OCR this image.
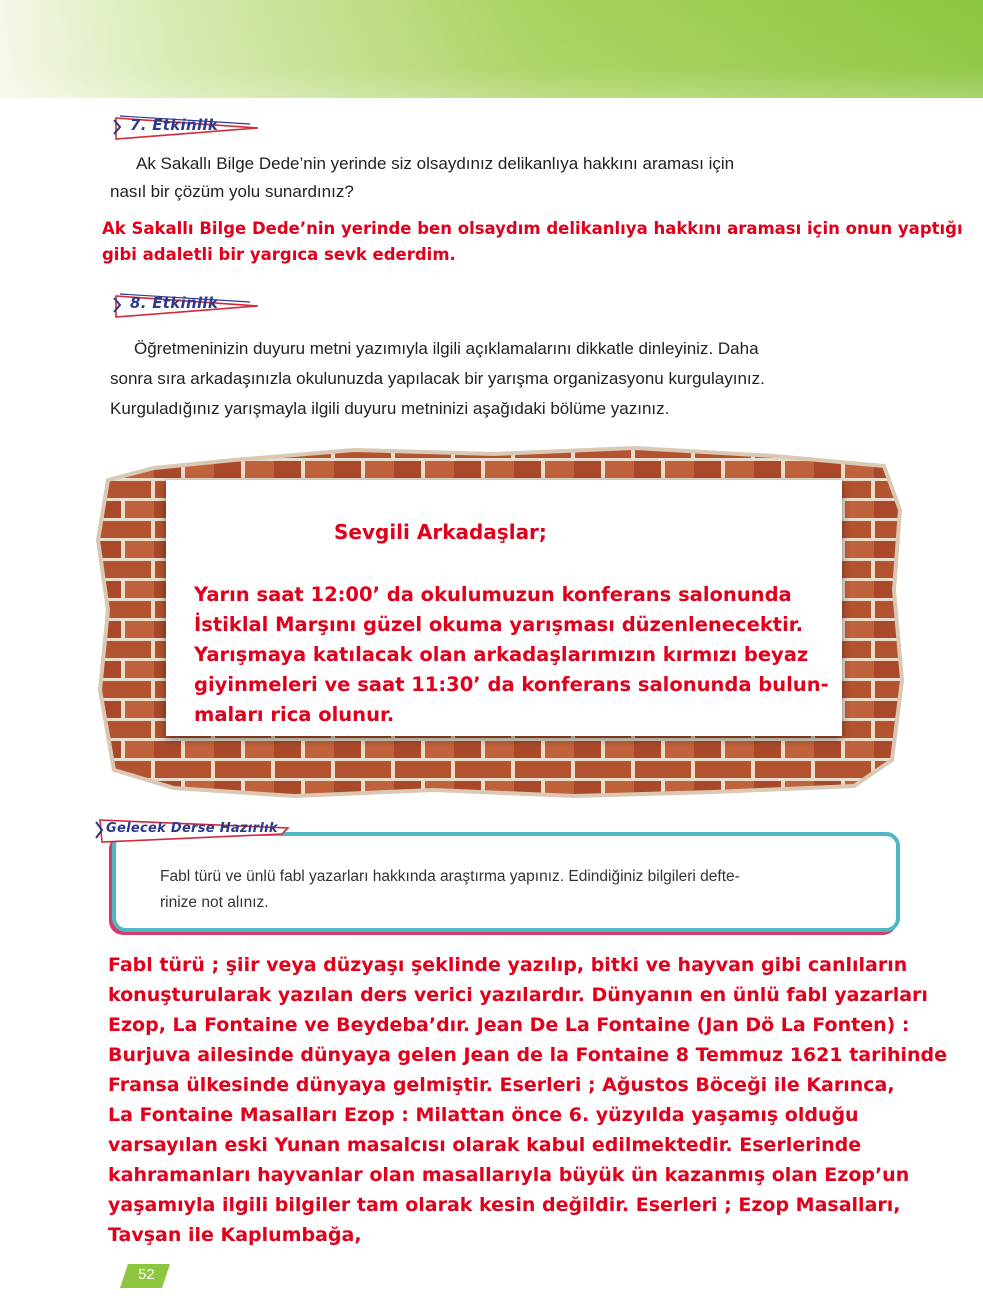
7. Etkinlik
Ak Sakallı Bilge Dede’nin yerinde siz olsaydınız delikanlıya hakkını araması için
nasıl bir çözüm yolu sunardınız?
Ak Sakallı Bilge Dede’nin yerinde ben olsaydım delikanlıya hakkını araması için onun yaptığı
gibi adaletli bir yargıca sevk ederdim.
8. Etkinlik
Öğretmeninizin duyuru metni yazımıyla ilgili açıklamalarını dikkatle dinleyiniz. Daha
sonra sıra arkadaşınızla okulunuzda yapılacak bir yarışma organizasyonu kurgulayınız.
Kurguladığınız yarışmayla ilgili duyuru metninizi aşağıdaki bölüme yazınız.
Sevgili Arkadaşlar;
Yarın saat 12:00’ da okulumuzun konferans salonunda
İstiklal Marşını güzel okuma yarışması düzenlenecektir.
Yarışmaya katılacak olan arkadaşlarımızın kırmızı beyaz
giyinmeleri ve saat 11:30’ da konferans salonunda bulun-
maları rica olunur.
Fabl türü ve ünlü fabl yazarları hakkında araştırma yapınız. Edindiğiniz bilgileri defte-
rinize not alınız.
Gelecek Derse Hazırlık
Fabl türü ; şiir veya düzyaşı şeklinde yazılıp, bitki ve hayvan gibi canlıların
konuşturularak yazılan ders verici yazılardır. Dünyanın en ünlü fabl yazarları
Ezop, La Fontaine ve Beydeba’dır. Jean De La Fontaine (Jan Dö La Fonten) :
Burjuva ailesinde dünyaya gelen Jean de la Fontaine 8 Temmuz 1621 tarihinde
Fransa ülkesinde dünyaya gelmiştir. Eserleri ; Ağustos Böceği ile Karınca,
La Fontaine Masalları Ezop : Milattan önce 6. yüzyılda yaşamış olduğu
varsayılan eski Yunan masalcısı olarak kabul edilmektedir. Eserlerinde
kahramanları hayvanlar olan masallarıyla büyük ün kazanmış olan Ezop’un
yaşamıyla ilgili bilgiler tam olarak kesin değildir. Eserleri ; Ezop Masalları,
Tavşan ile Kaplumbağa,
52
